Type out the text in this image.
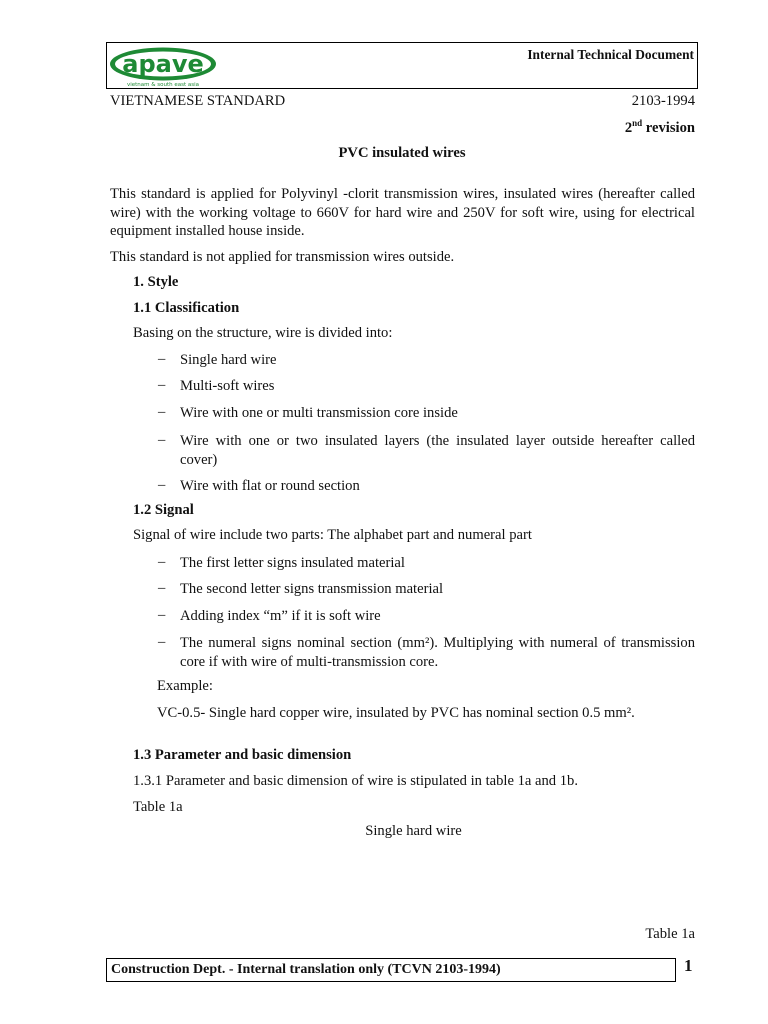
apave
vietnam & south east asia
Internal Technical Document
VIETNAMESE STANDARD	2103-1994
2nd revision
PVC insulated wires
This standard is applied for Polyvinyl -clorit transmission wires, insulated wires (hereafter called wire) with the working voltage to 660V for hard wire and 250V for soft wire, using for electrical equipment installed house inside.
This standard is not applied for transmission wires outside.
1. Style
1.1 Classification
Basing on the structure, wire is divided into:
– Single hard wire
– Multi-soft wires
– Wire with one or multi transmission core inside
– Wire with one or two insulated layers (the insulated layer outside hereafter called cover)
– Wire with flat or round section
1.2 Signal
Signal of wire include two parts: The alphabet part and numeral part
– The first letter signs insulated material
– The second letter signs transmission material
– Adding index “m” if it is soft wire
– The numeral signs nominal section (mm²). Multiplying with numeral of transmission core if with wire of multi-transmission core.
Example:
VC-0.5- Single hard copper wire, insulated by PVC has nominal section 0.5 mm².
1.3 Parameter and basic dimension
1.3.1 Parameter and basic dimension of wire is stipulated in table 1a and 1b.
Table 1a
Single hard wire
Table 1a
Construction Dept. - Internal translation only (TCVN 2103-1994)	1
